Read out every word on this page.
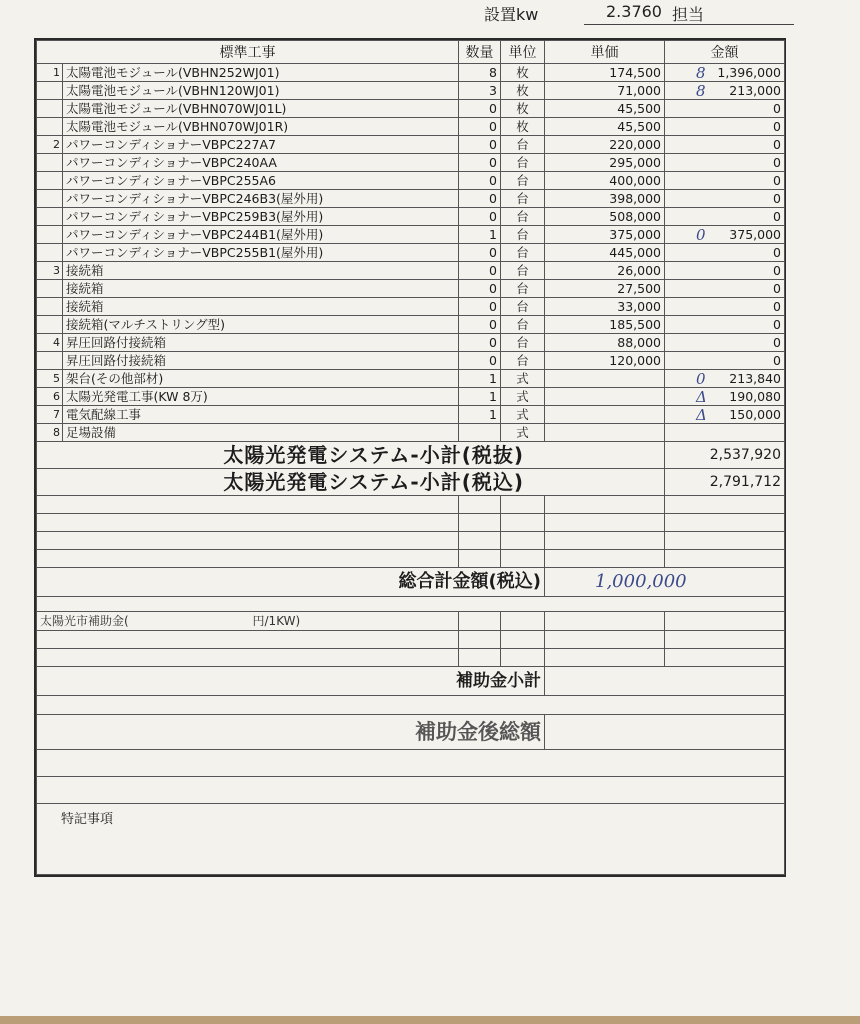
設置kw	2.3760 担当
標準工事		数量	単位	単価	金額
1	太陽電池モジュール(VBHN252WJ01)	8	枚	174,500	8 1,396,000
	太陽電池モジュール(VBHN120WJ01)	3	枚	71,000	8 213,000
	太陽電池モジュール(VBHN070WJ01L)	0	枚	45,500	0
	太陽電池モジュール(VBHN070WJ01R)	0	枚	45,500	0
2	パワーコンディショナーVBPC227A7	0	台	220,000	0
	パワーコンディショナーVBPC240AA	0	台	295,000	0
	パワーコンディショナーVBPC255A6	0	台	400,000	0
	パワーコンディショナーVBPC246B3(屋外用)	0	台	398,000	0
	パワーコンディショナーVBPC259B3(屋外用)	0	台	508,000	0
	パワーコンディショナーVBPC244B1(屋外用)	1	台	375,000	0 375,000
	パワーコンディショナーVBPC255B1(屋外用)	0	台	445,000	0
3	接続箱	0	台	26,000	0
	接続箱	0	台	27,500	0
	接続箱	0	台	33,000	0
	接続箱(マルチストリング型)	0	台	185,500	0
4	昇圧回路付接続箱	0	台	88,000	0
	昇圧回路付接続箱	0	台	120,000	0
5	架台(その他部材)	1	式		0 213,840
6	太陽光発電工事(KW 8万)	1	式		Δ 190,080
7	電気配線工事	1	式		Δ 150,000
8	足場設備		式		
太陽光発電システム-小計(税抜)					2,537,920
太陽光発電システム-小計(税込)					2,791,712

総合計金額(税込)				1,000,000	

太陽光市補助金( 円/1KW)					

補助金小計					

補助金後総額					

特記事項					
